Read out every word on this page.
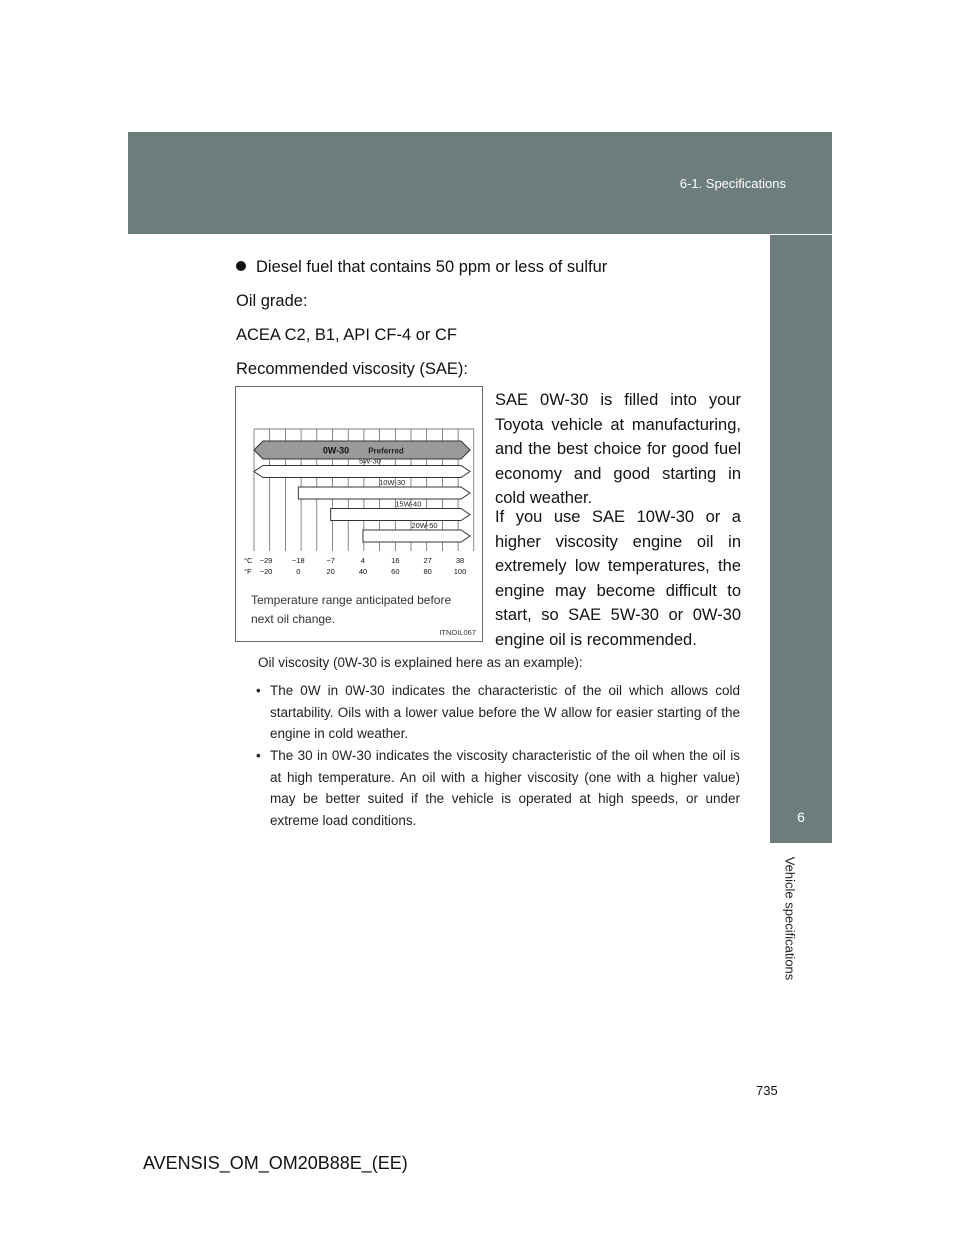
6-1. Specifications
6
Vehicle specifications
Diesel fuel that contains 50 ppm or less of sulfur
Oil grade:
ACEA C2, B1, API CF-4 or CF
Recommended viscosity (SAE):

SAE 0W-30 is filled into your Toyota vehicle at manufacturing, and the best choice for good fuel economy and good starting in cold weather.

If you use SAE 10W-30 or a higher viscosity engine oil in extremely low temperatures, the engine may become difficult to start, so SAE 5W-30 or 0W-30 engine oil is recommended.

0W-30 Preferred
5W-30
10W-30
15W-40
20W-50
°C
°F
−29	−18	−7	4	16	27	38
−20	0	20	40	60	80	100
Temperature range anticipated before next oil change.
ITNOIL067
Oil viscosity (0W-30 is explained here as an example):

• The 0W in 0W-30 indicates the characteristic of the oil which allows cold startability. Oils with a lower value before the W allow for easier starting of the engine in cold weather.

• The 30 in 0W-30 indicates the viscosity characteristic of the oil when the oil is at high temperature. An oil with a higher viscosity (one with a higher value) may be better suited if the vehicle is operated at high speeds, or under extreme load conditions.

735
AVENSIS_OM_OM20B88E_(EE)
